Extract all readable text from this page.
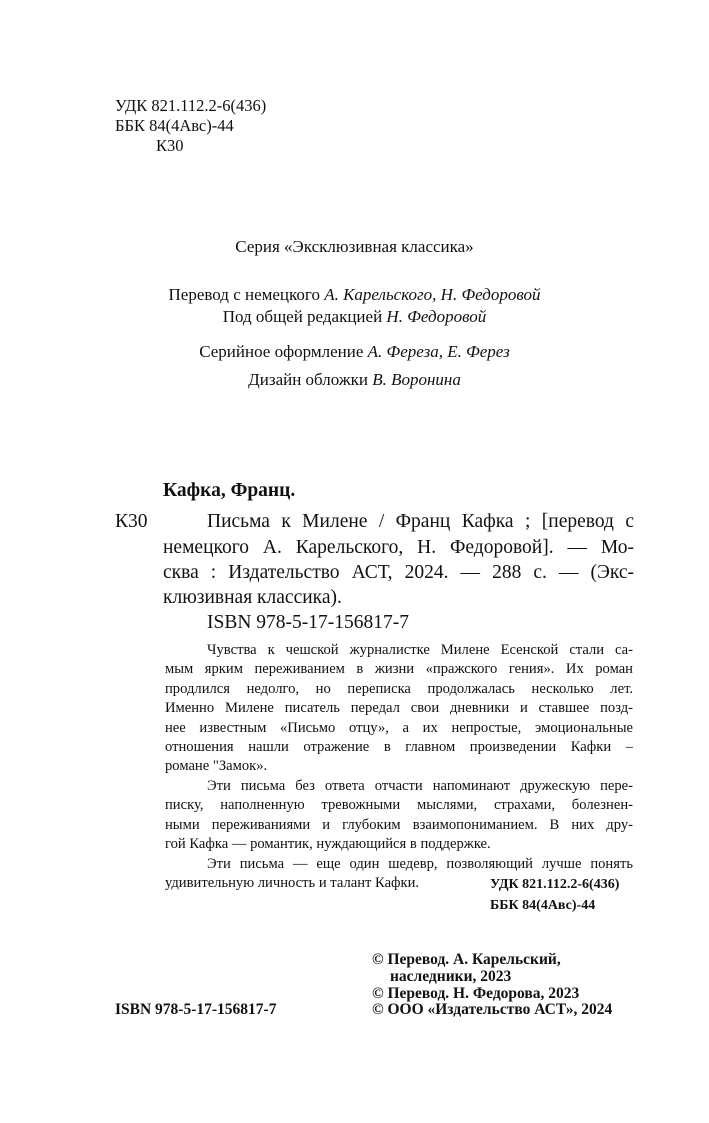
УДК 821.112.2-6(436)
ББК 84(4Авс)-44
К30
Серия «Эксклюзивная классика»
Перевод с немецкого А. Карельского, Н. Федоровой
Под общей редакцией Н. Федоровой
Серийное оформление А. Фереза, Е. Ферез
Дизайн обложки В. Воронина
Кафка, Франц.
К30	Письма к Милене / Франц Кафка ; [перевод с
немецкого А. Карельского, Н. Федоровой]. — Мо-
сква : Издательство АСТ, 2024. — 288 с. — (Экс-
клюзивная классика).
ISBN 978-5-17-156817-7
Чувства к чешской журналистке Милене Есенской стали са-
мым ярким переживанием в жизни «пражского гения». Их роман
продлился недолго, но переписка продолжалась несколько лет.
Именно Милене писатель передал свои дневники и ставшее позд-
нее известным «Письмо отцу», а их непростые, эмоциональные
отношения нашли отражение в главном произведении Кафки –
романе "Замок».
Эти письма без ответа отчасти напоминают дружескую пере-
писку, наполненную тревожными мыслями, страхами, болезнен-
ными переживаниями и глубоким взаимопониманием. В них дру-
гой Кафка — романтик, нуждающийся в поддержке.
Эти письма — еще один шедевр, позволяющий лучше понять
удивительную личность и талант Кафки.	УДК 821.112.2-6(436)
ББК 84(4Авс)-44
ISBN 978-5-17-156817-7
© Перевод. А. Карельский,
наследники, 2023
© Перевод. Н. Федорова, 2023
© ООО «Издательство АСТ», 2024
